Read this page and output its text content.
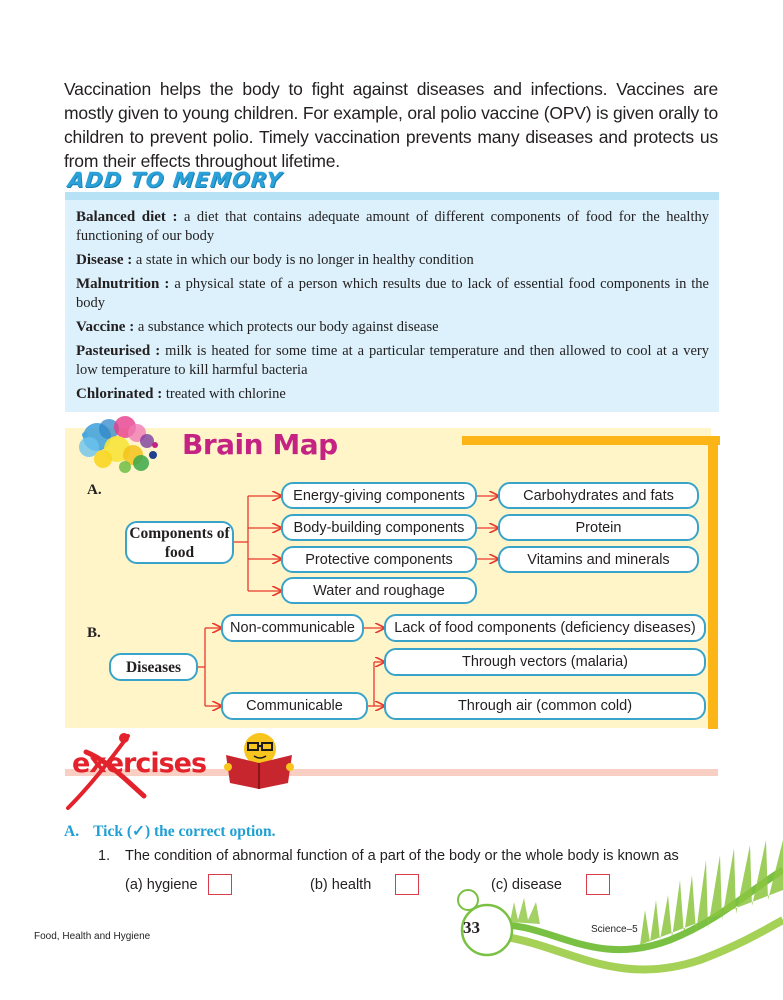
Vaccination helps the body to fight against diseases and infections. Vaccines are mostly given to young children. For example, oral polio vaccine (OPV) is given orally to children to prevent polio. Timely vaccination prevents many diseases and protects us from their effects throughout lifetime.
ADD TO MEMORY
Balanced diet : a diet that contains adequate amount of different components of food for the healthy functioning of our body
Disease : a state in which our body is no longer in healthy condition
Malnutrition : a physical state of a person which results due to lack of essential food components in the body
Vaccine : a substance which protects our body against disease
Pasteurised : milk is heated for some time at a particular temperature and then allowed to cool at a very low temperature to kill harmful bacteria
Chlorinated : treated with chlorine
Brain Map
A.
B.
Components of food
Energy-giving components
Body-building components
Protective components
Water and roughage
Carbohydrates and fats
Protein
Vitamins and minerals
Diseases
Non-communicable
Communicable
Lack of food components (deficiency diseases)
Through vectors (malaria)
Through air (common cold)
exercises
A. Tick (✓) the correct option.
1. The condition of abnormal function of a part of the body or the whole body is known as
(a) hygiene	(b) health	(c) disease
Food, Health and Hygiene	33	Science–5
